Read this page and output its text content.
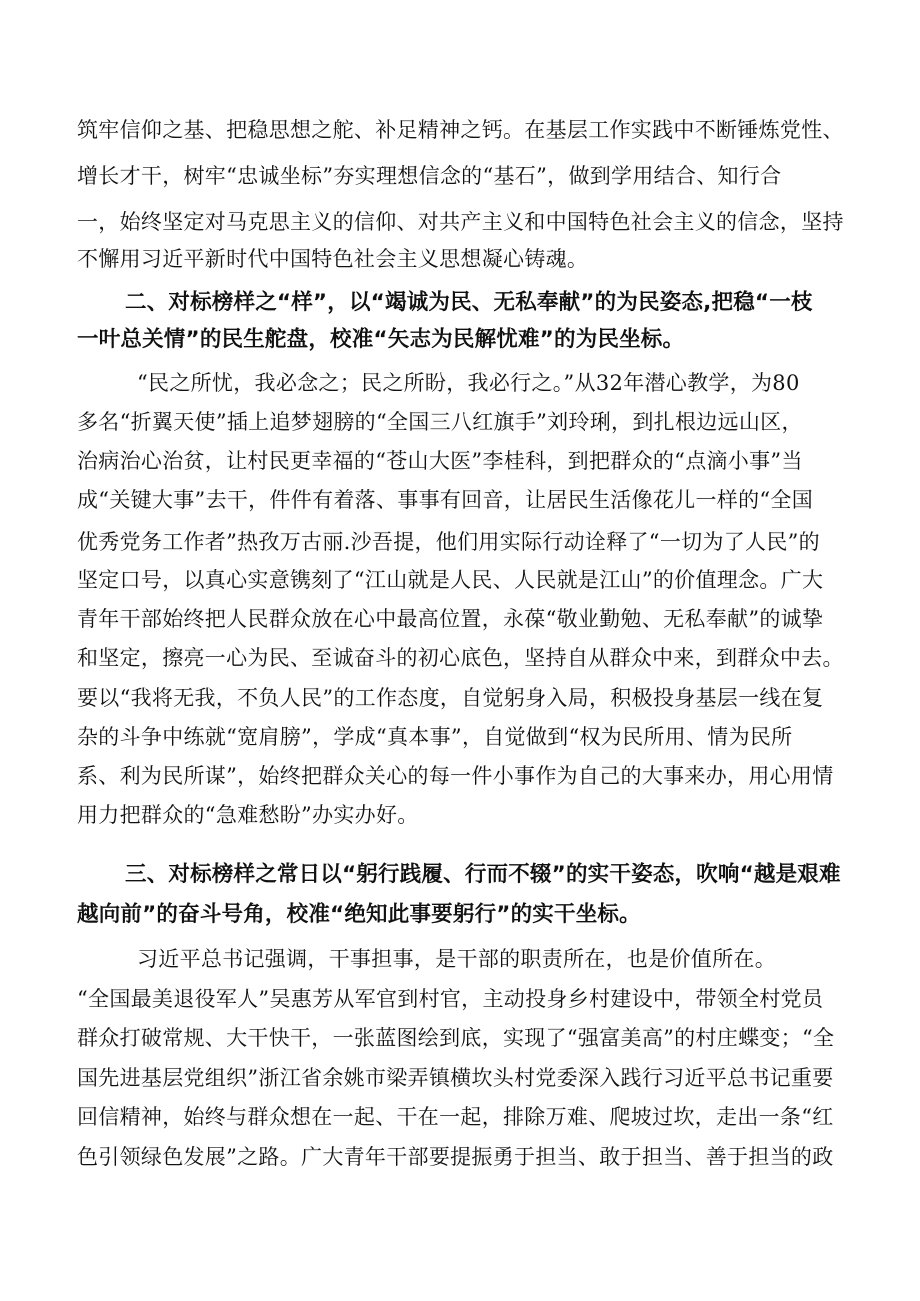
筑牢信仰之基、把稳思想之舵、补足精神之钙。在基层工作实践中不断锤炼党性、
增长才干，树牢“忠诚坐标”夯实理想信念的“基石”，做到学用结合、知行合
一，始终坚定对马克思主义的信仰、对共产主义和中国特色社会主义的信念，坚持
不懈用习近平新时代中国特色社会主义思想凝心铸魂。
二、对标榜样之“样”，以“竭诚为民、无私奉献”的为民姿态,把稳“一枝
一叶总关情”的民生舵盘，校准“矢志为民解忧难”的为民坐标。
“民之所忧，我必念之；民之所盼，我必行之。”从32年潜心教学，为80
多名“折翼天使”插上追梦翅膀的“全国三八红旗手”刘玲琍，到扎根边远山区，
治病治心治贫，让村民更幸福的“苍山大医”李桂科，到把群众的“点滴小事”当
成“关键大事”去干，件件有着落、事事有回音，让居民生活像花儿一样的“全国
优秀党务工作者”热孜万古丽.沙吾提，他们用实际行动诠释了“一切为了人民”的
坚定口号，以真心实意镌刻了“江山就是人民、人民就是江山”的价值理念。广大
青年干部始终把人民群众放在心中最高位置，永葆“敬业勤勉、无私奉献”的诚挚
和坚定，擦亮一心为民、至诚奋斗的初心底色，坚持自从群众中来，到群众中去。
要以“我将无我，不负人民”的工作态度，自觉躬身入局，积极投身基层一线在复
杂的斗争中练就“宽肩膀”，学成“真本事”，自觉做到“权为民所用、情为民所
系、利为民所谋”，始终把群众关心的每一件小事作为自己的大事来办，用心用情
用力把群众的“急难愁盼”办实办好。
三、对标榜样之常日以“躬行践履、行而不辍”的实干姿态，吹响“越是艰难
越向前”的奋斗号角，校准“绝知此事要躬行”的实干坐标。
习近平总书记强调，干事担事，是干部的职责所在，也是价值所在。
“全国最美退役军人”吴惠芳从军官到村官，主动投身乡村建设中，带领全村党员
群众打破常规、大干快干，一张蓝图绘到底，实现了“强富美高”的村庄蝶变；“全
国先进基层党组织”浙江省余姚市梁弄镇横坎头村党委深入践行习近平总书记重要
回信精神，始终与群众想在一起、干在一起，排除万难、爬坡过坎，走出一条“红
色引领绿色发展”之路。广大青年干部要提振勇于担当、敢于担当、善于担当的政
